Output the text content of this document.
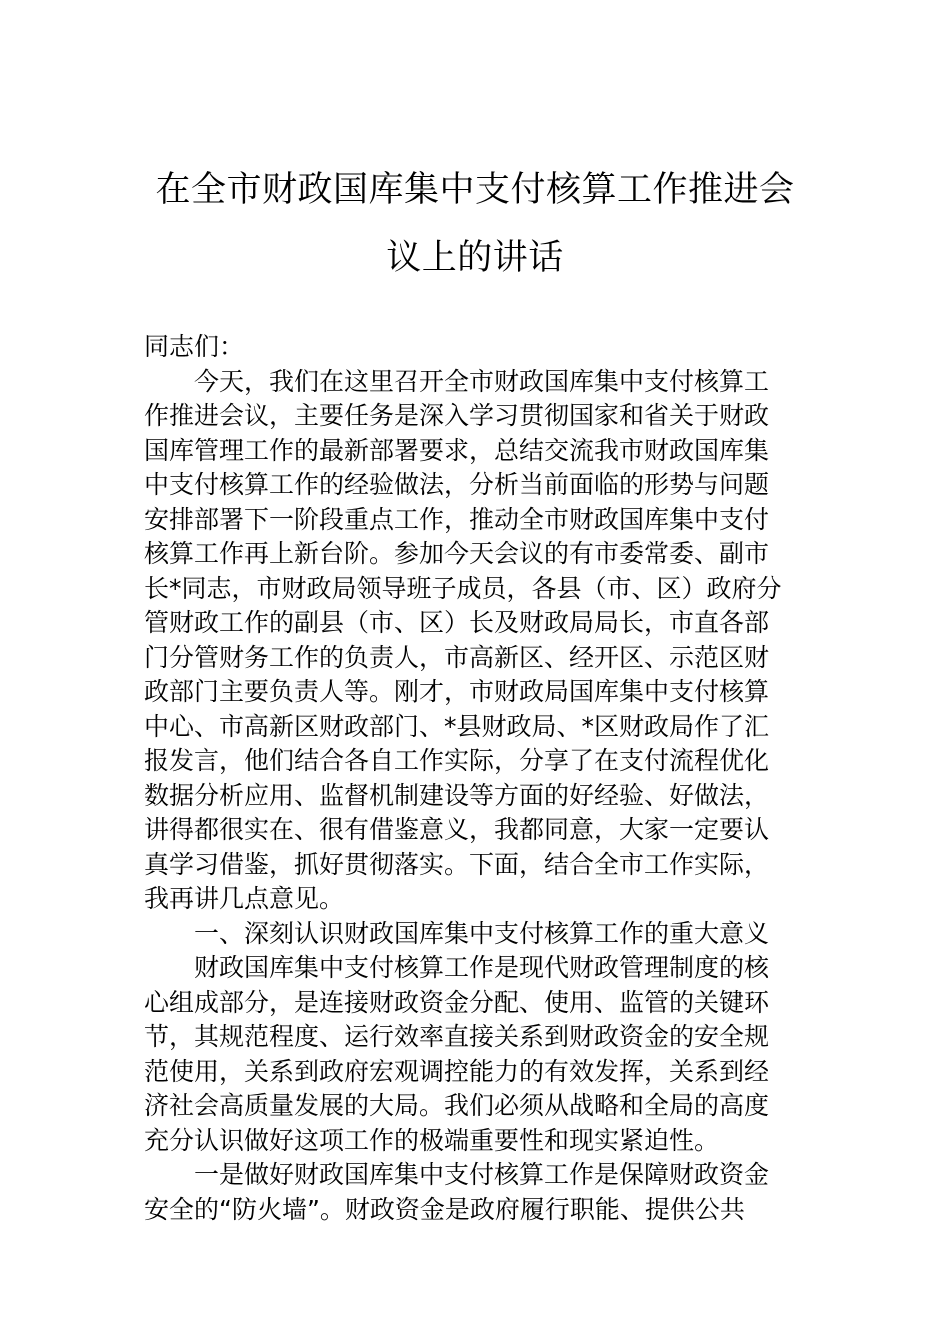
在全市财政国库集中支付核算工作推进会
议上的讲话
同志们：
　　今天，我们在这里召开全市财政国库集中支付核算工
作推进会议，主要任务是深入学习贯彻国家和省关于财政
国库管理工作的最新部署要求，总结交流我市财政国库集
中支付核算工作的经验做法，分析当前面临的形势与问题
安排部署下一阶段重点工作，推动全市财政国库集中支付
核算工作再上新台阶。参加今天会议的有市委常委、副市
长*同志，市财政局领导班子成员，各县（市、区）政府分
管财政工作的副县（市、区）长及财政局局长，市直各部
门分管财务工作的负责人，市高新区、经开区、示范区财
政部门主要负责人等。刚才，市财政局国库集中支付核算
中心、市高新区财政部门、*县财政局、*区财政局作了汇
报发言，他们结合各自工作实际，分享了在支付流程优化
数据分析应用、监督机制建设等方面的好经验、好做法，
讲得都很实在、很有借鉴意义，我都同意，大家一定要认
真学习借鉴，抓好贯彻落实。下面，结合全市工作实际，
我再讲几点意见。
　　一、深刻认识财政国库集中支付核算工作的重大意义
　　财政国库集中支付核算工作是现代财政管理制度的核
心组成部分，是连接财政资金分配、使用、监管的关键环
节，其规范程度、运行效率直接关系到财政资金的安全规
范使用，关系到政府宏观调控能力的有效发挥，关系到经
济社会高质量发展的大局。我们必须从战略和全局的高度
充分认识做好这项工作的极端重要性和现实紧迫性。
　　一是做好财政国库集中支付核算工作是保障财政资金
安全的“防火墙”。财政资金是政府履行职能、提供公共
